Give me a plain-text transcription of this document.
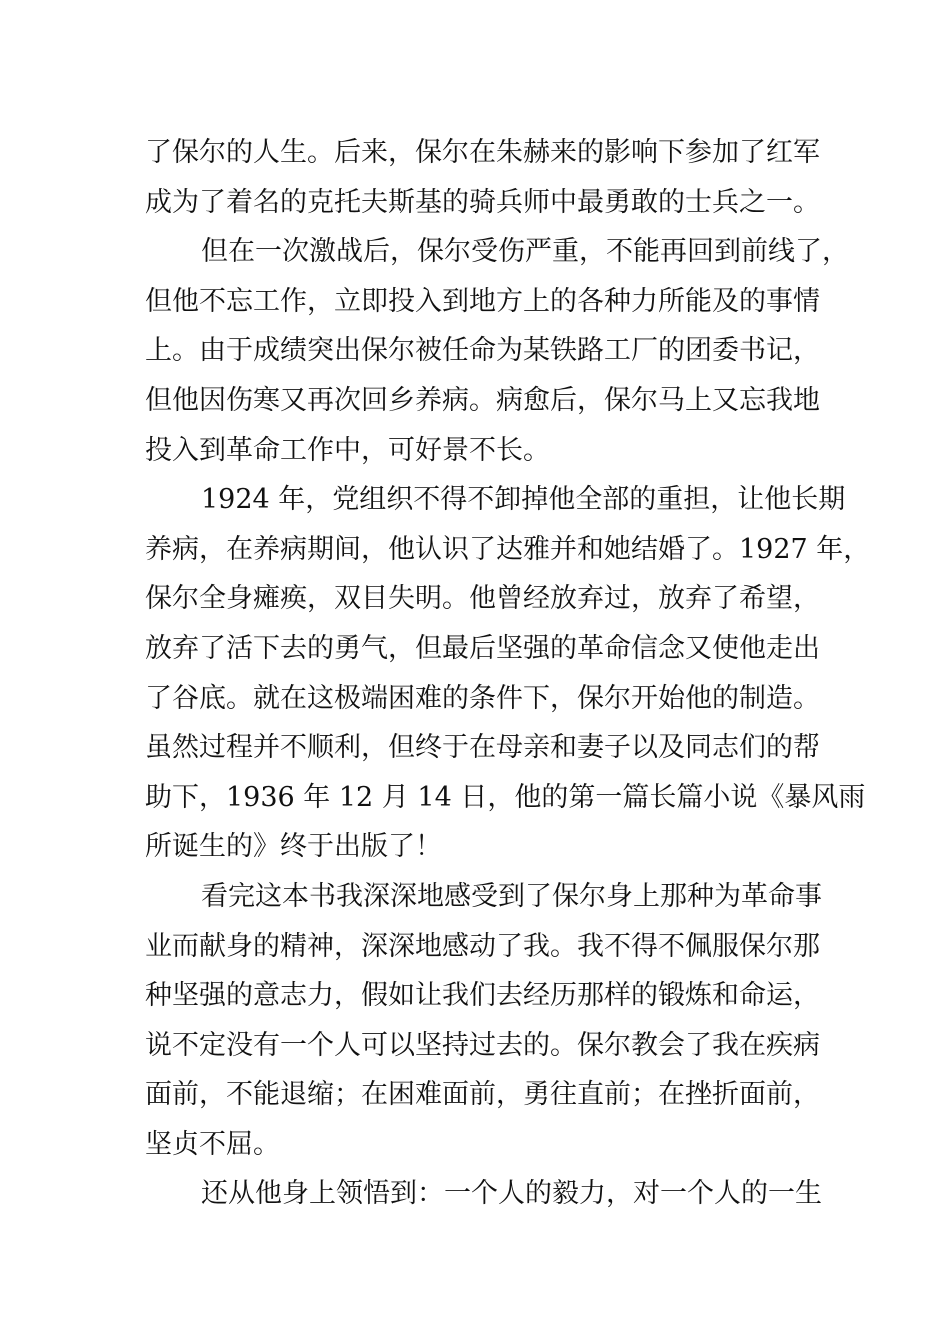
了保尔的人生。后来，保尔在朱赫来的影响下参加了红军
成为了着名的克托夫斯基的骑兵师中最勇敢的士兵之一。
但在一次激战后，保尔受伤严重，不能再回到前线了，
但他不忘工作，立即投入到地方上的各种力所能及的事情
上。由于成绩突出保尔被任命为某铁路工厂的团委书记，
但他因伤寒又再次回乡养病。病愈后，保尔马上又忘我地
投入到革命工作中，可好景不长。
1924 年，党组织不得不卸掉他全部的重担，让他长期
养病，在养病期间，他认识了达雅并和她结婚了。1927 年，
保尔全身瘫痪，双目失明。他曾经放弃过，放弃了希望，
放弃了活下去的勇气，但最后坚强的革命信念又使他走出
了谷底。就在这极端困难的条件下，保尔开始他的制造。
虽然过程并不顺利，但终于在母亲和妻子以及同志们的帮
助下，1936 年 12 月 14 日，他的第一篇长篇小说《暴风雨
所诞生的》终于出版了！
看完这本书我深深地感受到了保尔身上那种为革命事
业而献身的精神，深深地感动了我。我不得不佩服保尔那
种坚强的意志力，假如让我们去经历那样的锻炼和命运，
说不定没有一个人可以坚持过去的。保尔教会了我在疾病
面前，不能退缩；在困难面前，勇往直前；在挫折面前，
坚贞不屈。
还从他身上领悟到：一个人的毅力，对一个人的一生
